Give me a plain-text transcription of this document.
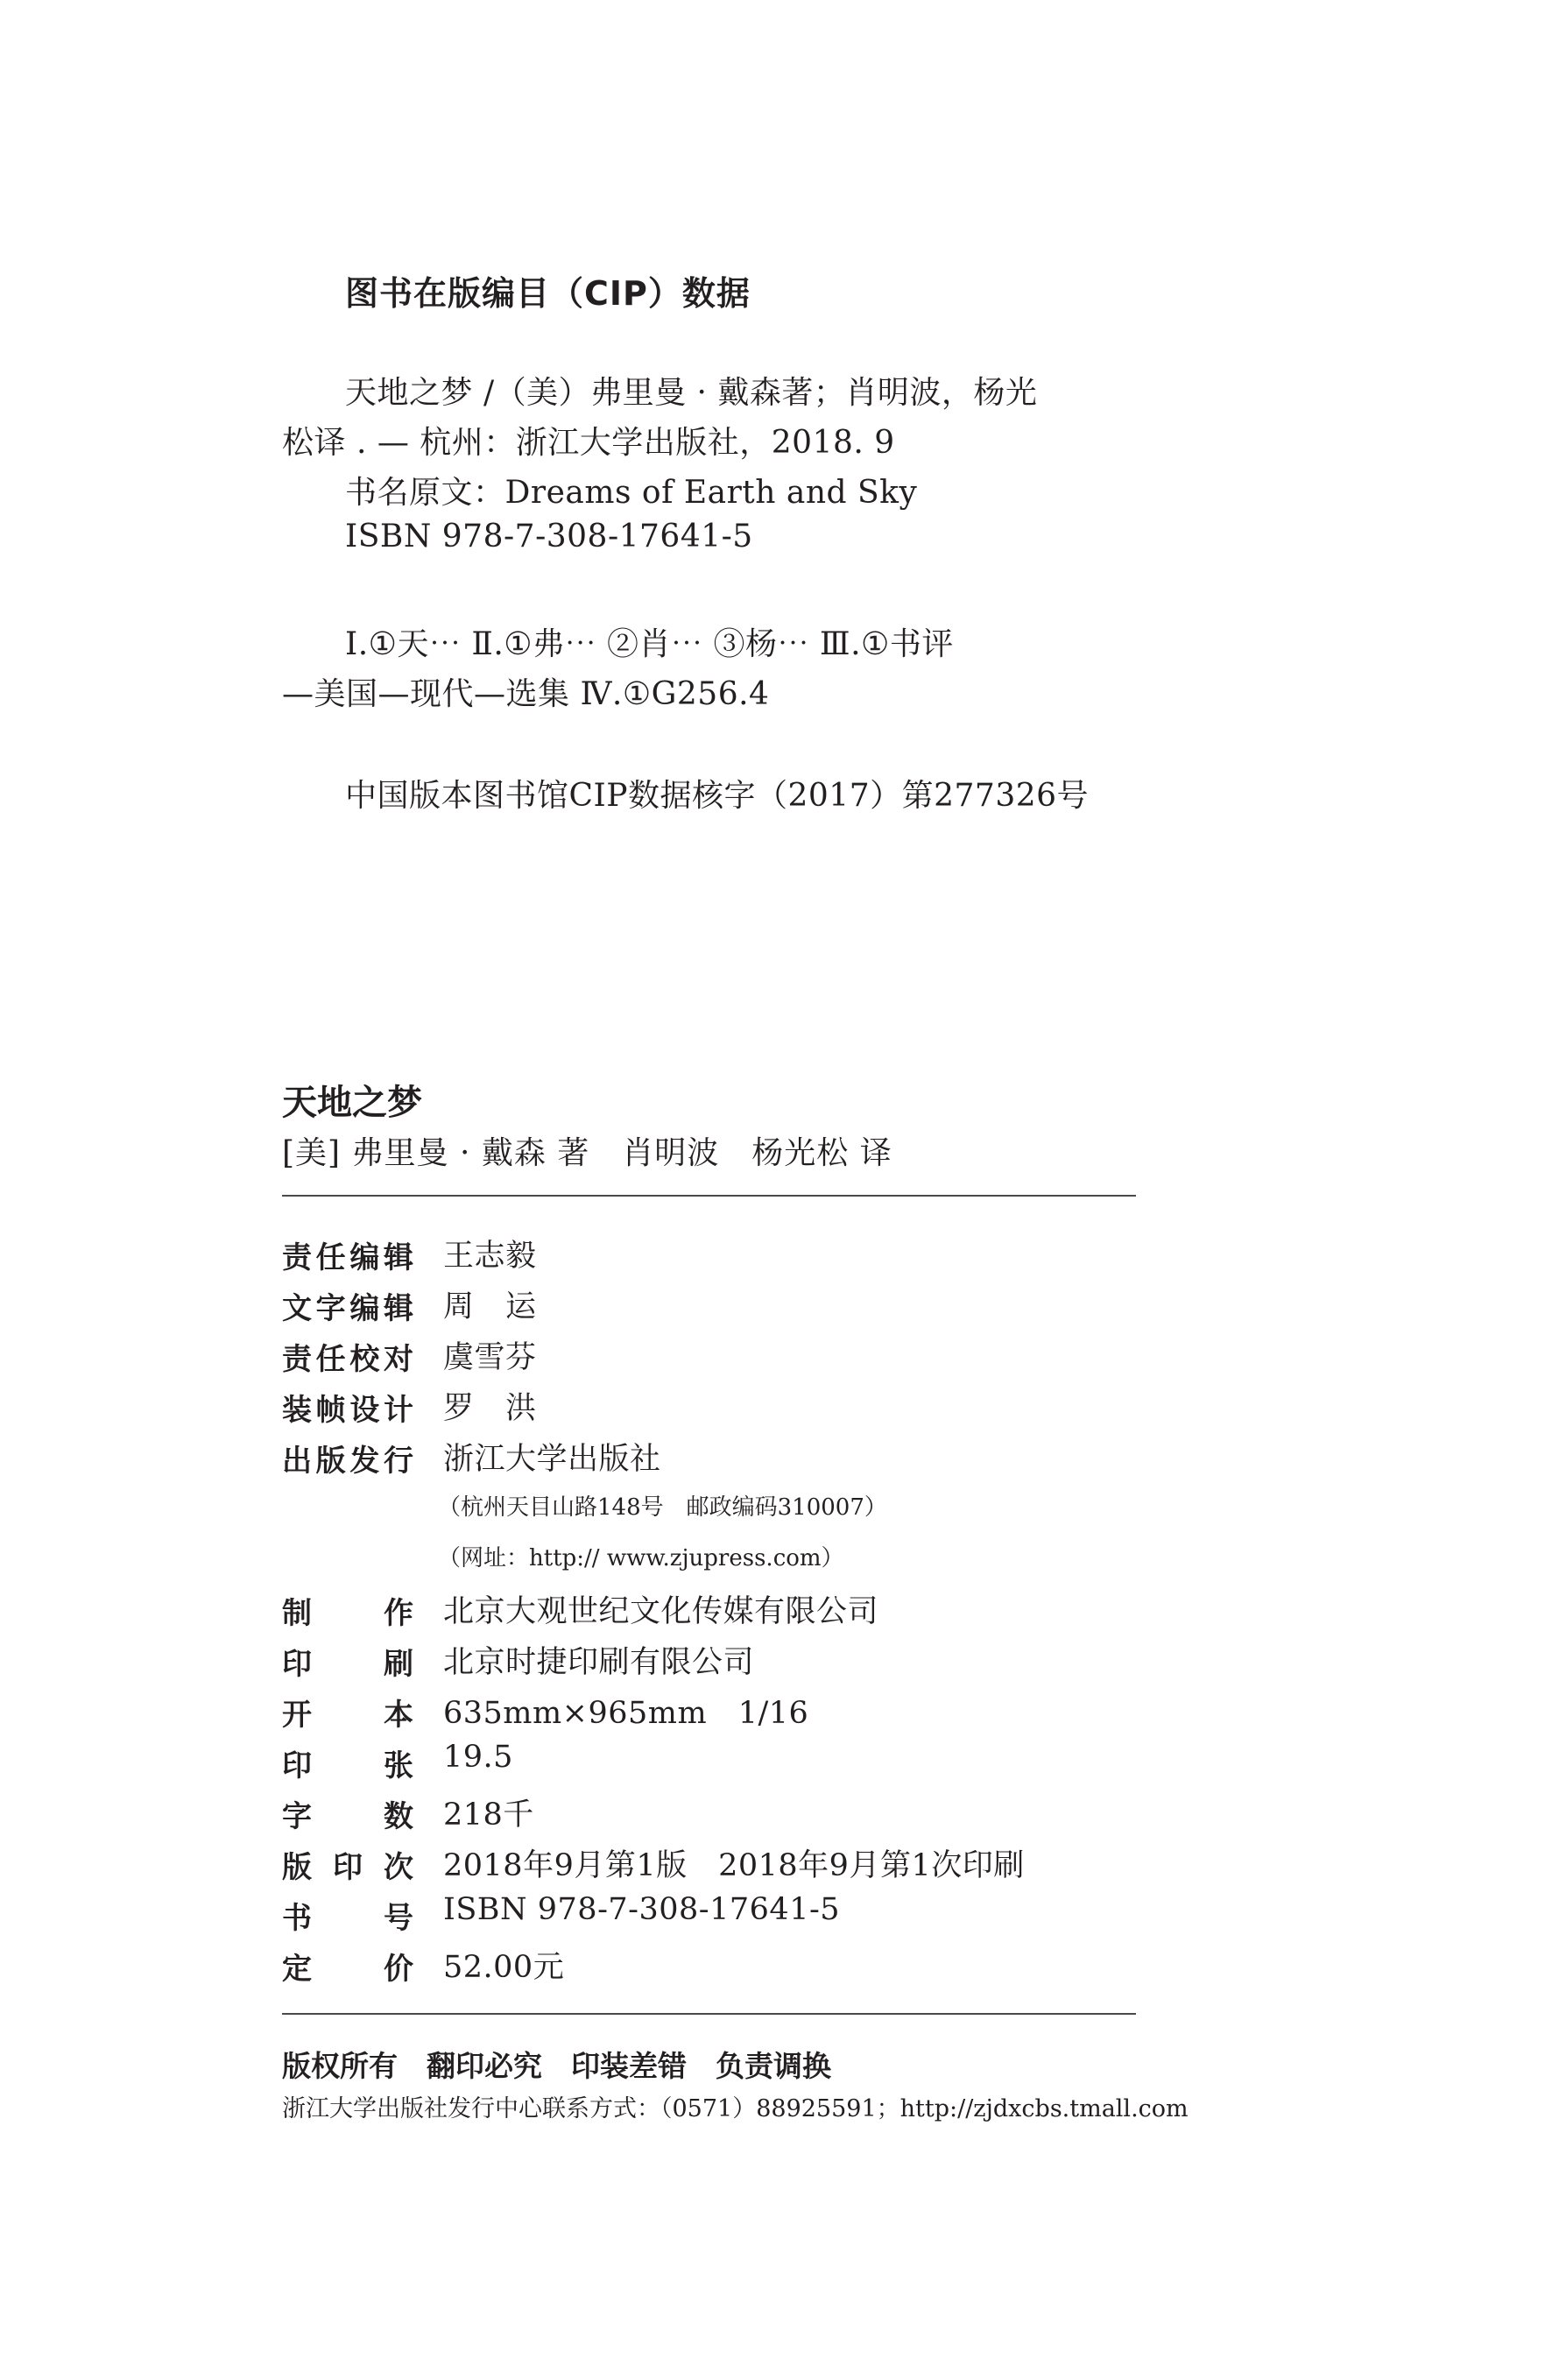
图书在版编目（CIP）数据
天地之梦 /（美）弗里曼 · 戴森著；肖明波，杨光
松译 . — 杭州：浙江大学出版社，2018. 9
书名原文：Dreams of Earth and Sky
ISBN 978-7-308-17641-5
Ⅰ.①天⋯ Ⅱ.①弗⋯ ②肖⋯ ③杨⋯ Ⅲ.①书评
—美国—现代—选集 Ⅳ.①G256.4
中国版本图书馆CIP数据核字（2017）第277326号
天地之梦
[美] 弗里曼 · 戴森 著　肖明波　杨光松 译
责 任 编 辑 王志毅
文 字 编 辑 周　运
责 任 校 对 虞雪芬
装 帧 设 计 罗　洪
出 版 发 行 浙江大学出版社
（杭州天目山路148号　邮政编码310007）
（网址：http:// www.zjupress.com）
制 作 北京大观世纪文化传媒有限公司
印 刷 北京时捷印刷有限公司
开 本 635mm×965mm　1/16
印 张 19.5
字 数 218千
版 印 次 2018年9月第1版　2018年9月第1次印刷
书 号 ISBN 978-7-308-17641-5
定 价 52.00元
版权所有　翻印必究　印装差错　负责调换
浙江大学出版社发行中心联系方式：（0571）88925591；http://zjdxcbs.tmall.com
